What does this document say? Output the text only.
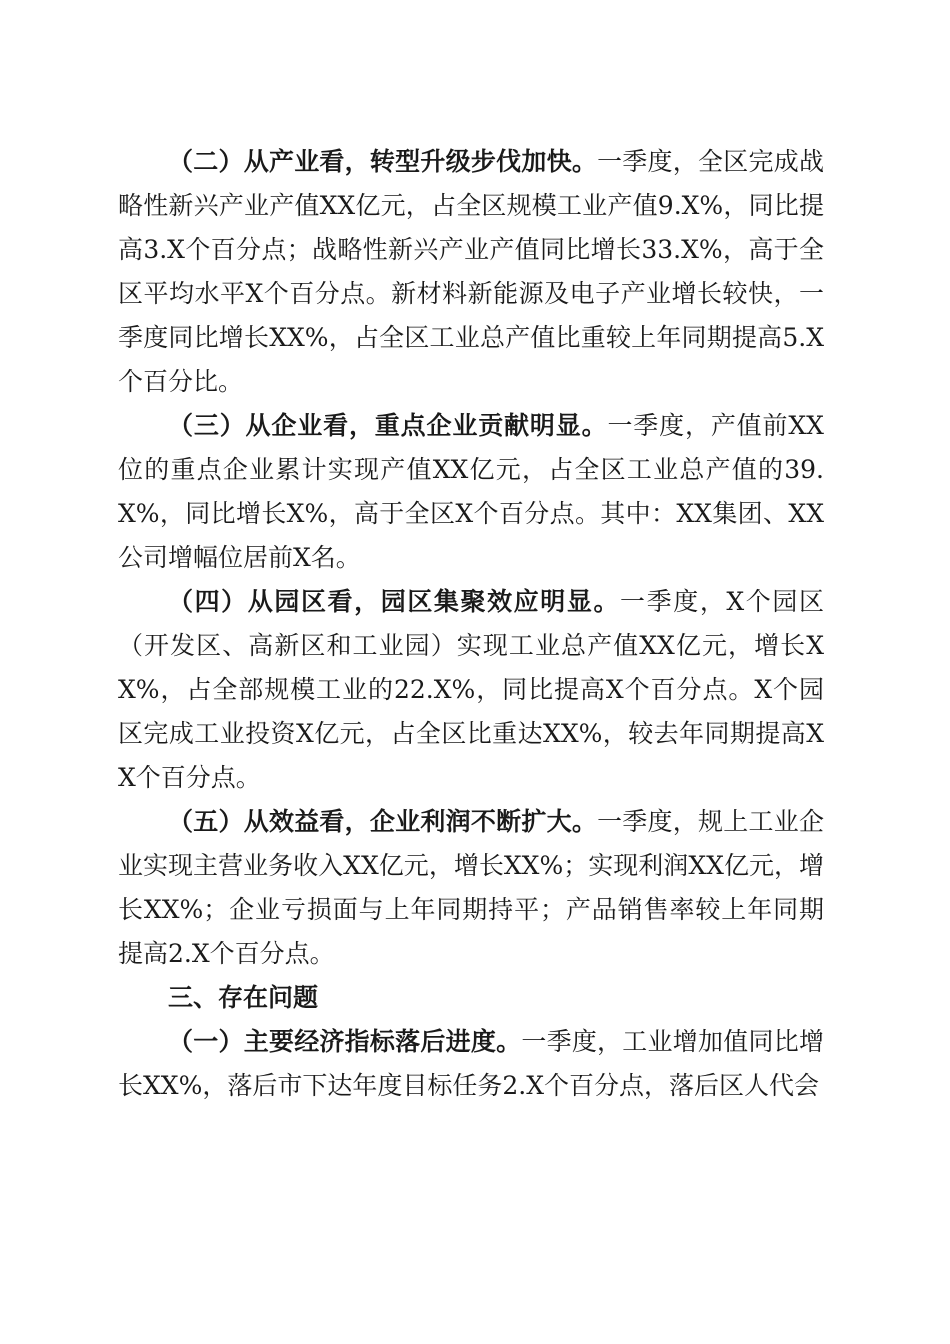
（二）从产业看，转型升级步伐加快。一季度，全区完成战略性新兴产业产值XX亿元，占全区规模工业产值9.X%，同比提高3.X个百分点；战略性新兴产业产值同比增长33.X%，高于全区平均水平X个百分点。新材料新能源及电子产业增长较快，一季度同比增长XX%，占全区工业总产值比重较上年同期提高5.X个百分比。

（三）从企业看，重点企业贡献明显。一季度，产值前XX位的重点企业累计实现产值XX亿元，占全区工业总产值的39.X%，同比增长X%，高于全区X个百分点。其中：XX集团、XX公司增幅位居前X名。

（四）从园区看，园区集聚效应明显。一季度，X个园区（开发区、高新区和工业园）实现工业总产值XX亿元，增长XX%，占全部规模工业的22.X%，同比提高X个百分点。X个园区完成工业投资X亿元，占全区比重达XX%，较去年同期提高XX个百分点。

（五）从效益看，企业利润不断扩大。一季度，规上工业企业实现主营业务收入XX亿元，增长XX%；实现利润XX亿元，增长XX%；企业亏损面与上年同期持平；产品销售率较上年同期提高2.X个百分点。

三、存在问题

（一）主要经济指标落后进度。一季度，工业增加值同比增长XX%，落后市下达年度目标任务2.X个百分点，落后区人代会
